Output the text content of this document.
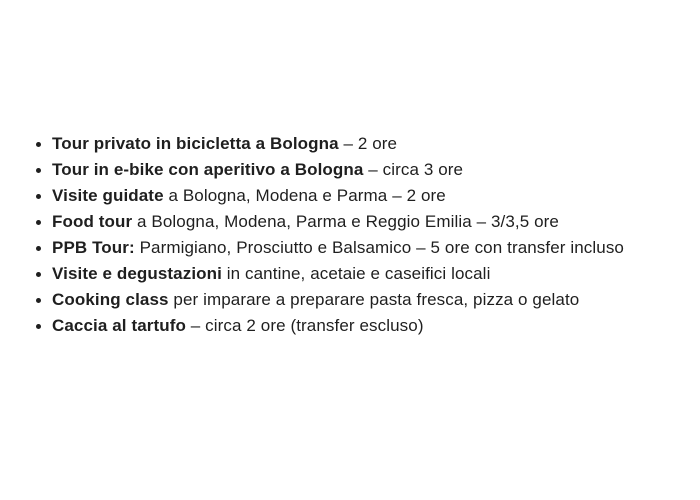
Tour privato in bicicletta a Bologna – 2 ore
Tour in e-bike con aperitivo a Bologna – circa 3 ore
Visite guidate a Bologna, Modena e Parma – 2 ore
Food tour a Bologna, Modena, Parma e Reggio Emilia – 3/3,5 ore
PPB Tour: Parmigiano, Prosciutto e Balsamico – 5 ore con transfer incluso
Visite e degustazioni in cantine, acetaie e caseifici locali
Cooking class per imparare a preparare pasta fresca, pizza o gelato
Caccia al tartufo – circa 2 ore (transfer escluso)
